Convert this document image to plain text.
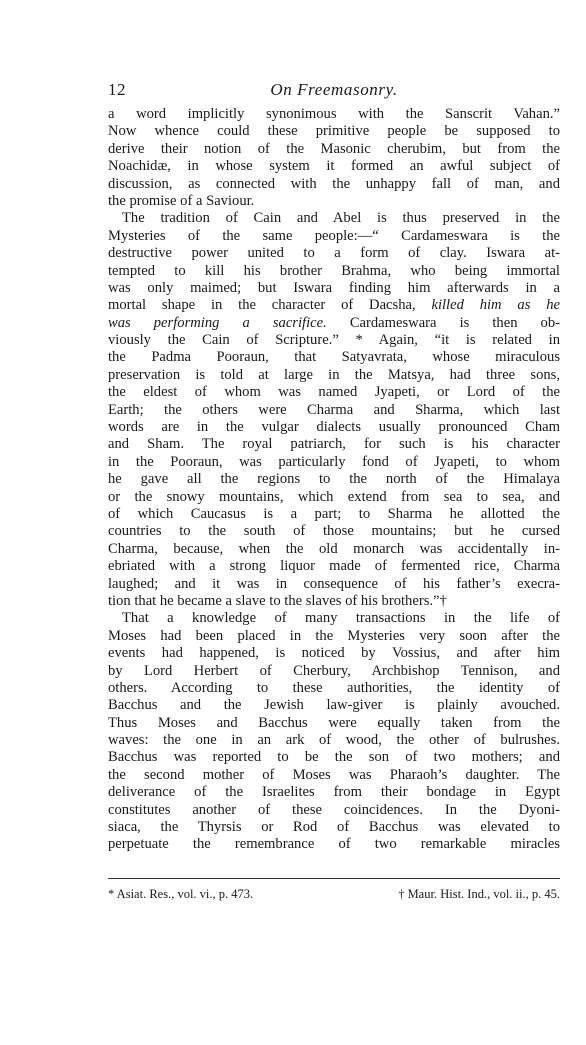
12	On Freemasonry.
a word implicitly synonimous with the Sanscrit Vahan.”
Now whence could these primitive people be supposed to
derive their notion of the Masonic cherubim, but from the
Noachidæ, in whose system it formed an awful subject of
discussion, as connected with the unhappy fall of man, and
the promise of a Saviour.
The tradition of Cain and Abel is thus preserved in the
Mysteries of the same people:—“ Cardameswara is the
destructive power united to a form of clay. Iswara at-
tempted to kill his brother Brahma, who being immortal
was only maimed; but Iswara finding him afterwards in a
mortal shape in the character of Dacsha, killed him as he
was performing a sacrifice. Cardameswara is then ob-
viously the Cain of Scripture.” * Again, “it is related in
the Padma Pooraun, that Satyavrata, whose miraculous
preservation is told at large in the Matsya, had three sons,
the eldest of whom was named Jyapeti, or Lord of the
Earth; the others were Charma and Sharma, which last
words are in the vulgar dialects usually pronounced Cham
and Sham. The royal patriarch, for such is his character
in the Pooraun, was particularly fond of Jyapeti, to whom
he gave all the regions to the north of the Himalaya
or the snowy mountains, which extend from sea to sea, and
of which Caucasus is a part; to Sharma he allotted the
countries to the south of those mountains; but he cursed
Charma, because, when the old monarch was accidentally in-
ebriated with a strong liquor made of fermented rice, Charma
laughed; and it was in consequence of his father’s execra-
tion that he became a slave to the slaves of his brothers.”†
That a knowledge of many transactions in the life of
Moses had been placed in the Mysteries very soon after the
events had happened, is noticed by Vossius, and after him
by Lord Herbert of Cherbury, Archbishop Tennison, and
others. According to these authorities, the identity of
Bacchus and the Jewish law-giver is plainly avouched.
Thus Moses and Bacchus were equally taken from the
waves: the one in an ark of wood, the other of bulrushes.
Bacchus was reported to be the son of two mothers; and
the second mother of Moses was Pharaoh’s daughter. The
deliverance of the Israelites from their bondage in Egypt
constitutes another of these coincidences. In the Dyoni-
siaca, the Thyrsis or Rod of Bacchus was elevated to
perpetuate the remembrance of two remarkable miracles
* Asiat. Res., vol. vi., p. 473.	† Maur. Hist. Ind., vol. ii., p. 45.
